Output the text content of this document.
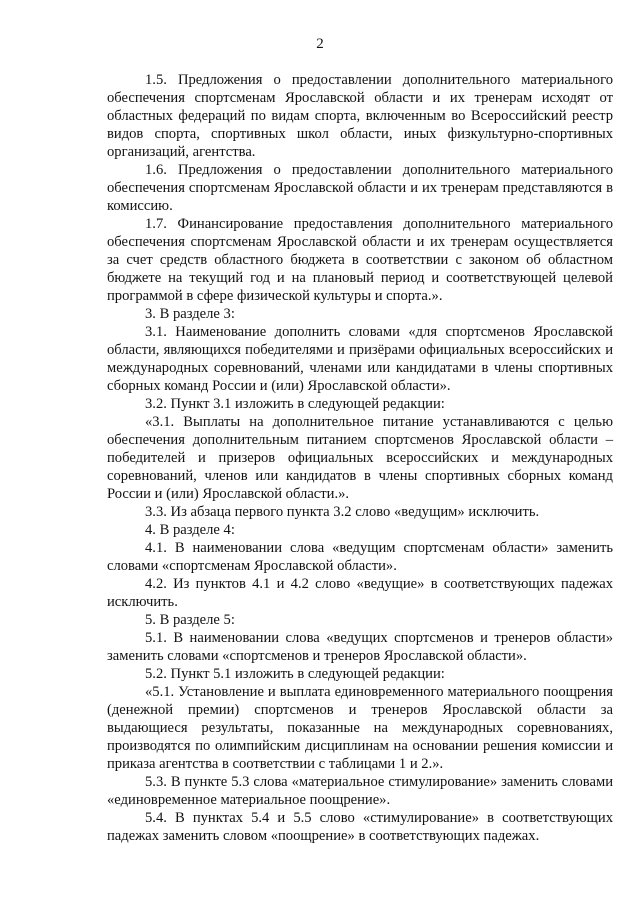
2

1.5. Предложения о предоставлении дополнительного материального обеспечения спортсменам Ярославской области и их тренерам исходят от областных федераций по видам спорта, включенным во Всероссийский реестр видов спорта, спортивных школ области, иных физкультурно-спортивных организаций, агентства.

1.6. Предложения о предоставлении дополнительного материального обеспечения спортсменам Ярославской области и их тренерам представляются в комиссию.

1.7. Финансирование предоставления дополнительного материального обеспечения спортсменам Ярославской области и их тренерам осуществляется за счет средств областного бюджета в соответствии с законом об областном бюджете на текущий год и на плановый период и соответствующей целевой программой в сфере физической культуры и спорта.».

3. В разделе 3:

3.1. Наименование дополнить словами «для спортсменов Ярославской области, являющихся победителями и призёрами официальных всероссийских и международных соревнований, членами или кандидатами в члены спортивных сборных команд России и (или) Ярославской области».

3.2. Пункт 3.1 изложить в следующей редакции:

«3.1. Выплаты на дополнительное питание устанавливаются с целью обеспечения дополнительным питанием спортсменов Ярославской области – победителей и призеров официальных всероссийских и международных соревнований, членов или кандидатов в члены спортивных сборных команд России и (или) Ярославской области.».

3.3. Из абзаца первого пункта 3.2 слово «ведущим» исключить.

4. В разделе 4:

4.1. В наименовании слова «ведущим спортсменам области» заменить словами «спортсменам Ярославской области».

4.2. Из пунктов 4.1 и 4.2 слово «ведущие» в соответствующих падежах исключить.

5. В разделе 5:

5.1. В наименовании слова «ведущих спортсменов и тренеров области» заменить словами «спортсменов и тренеров Ярославской области».

5.2. Пункт 5.1 изложить в следующей редакции:

«5.1. Установление и выплата единовременного материального поощрения (денежной премии) спортсменов и тренеров Ярославской области за выдающиеся результаты, показанные на международных соревнованиях, производятся по олимпийским дисциплинам на основании решения комиссии и приказа агентства в соответствии с таблицами 1 и 2.».

5.3. В пункте 5.3 слова «материальное стимулирование» заменить словами «единовременное материальное поощрение».

5.4. В пунктах 5.4 и 5.5 слово «стимулирование» в соответствующих падежах заменить словом «поощрение» в соответствующих падежах.
